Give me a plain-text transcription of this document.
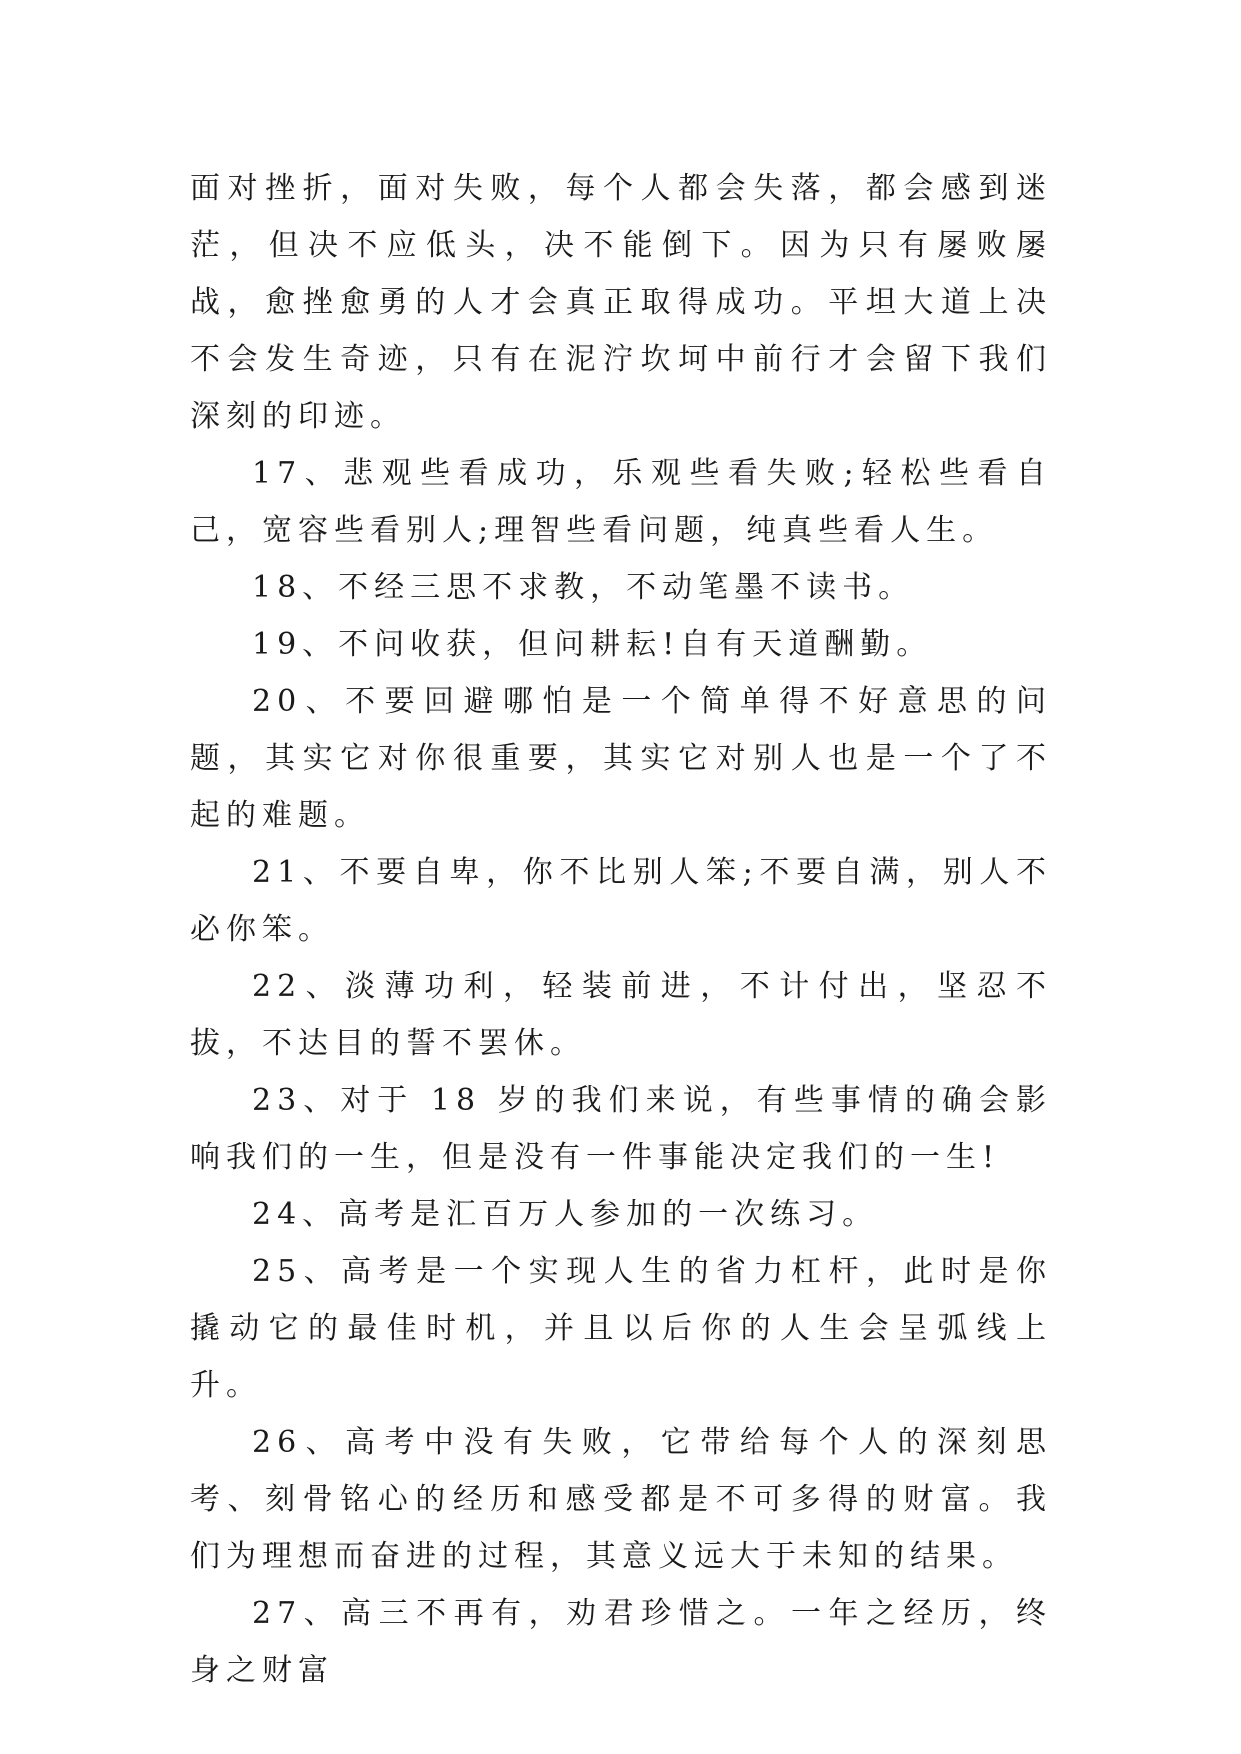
面对挫折，面对失败，每个人都会失落，都会感到迷茫，但决不应低头，决不能倒下。因为只有屡败屡战，愈挫愈勇的人才会真正取得成功。平坦大道上决不会发生奇迹，只有在泥泞坎坷中前行才会留下我们深刻的印迹。

17、悲观些看成功，乐观些看失败;轻松些看自己，宽容些看别人;理智些看问题，纯真些看人生。

18、不经三思不求教，不动笔墨不读书。

19、不问收获，但问耕耘!自有天道酬勤。

20、不要回避哪怕是一个简单得不好意思的问题，其实它对你很重要，其实它对别人也是一个了不起的难题。

21、不要自卑，你不比别人笨;不要自满，别人不必你笨。

22、淡薄功利，轻装前进，不计付出，坚忍不拔，不达目的誓不罢休。

23、对于 18 岁的我们来说，有些事情的确会影响我们的一生，但是没有一件事能决定我们的一生!

24、高考是汇百万人参加的一次练习。

25、高考是一个实现人生的省力杠杆，此时是你撬动它的最佳时机，并且以后你的人生会呈弧线上升。

26、高考中没有失败，它带给每个人的深刻思考、刻骨铭心的经历和感受都是不可多得的财富。我们为理想而奋进的过程，其意义远大于未知的结果。

27、高三不再有，劝君珍惜之。一年之经历，终身之财富
